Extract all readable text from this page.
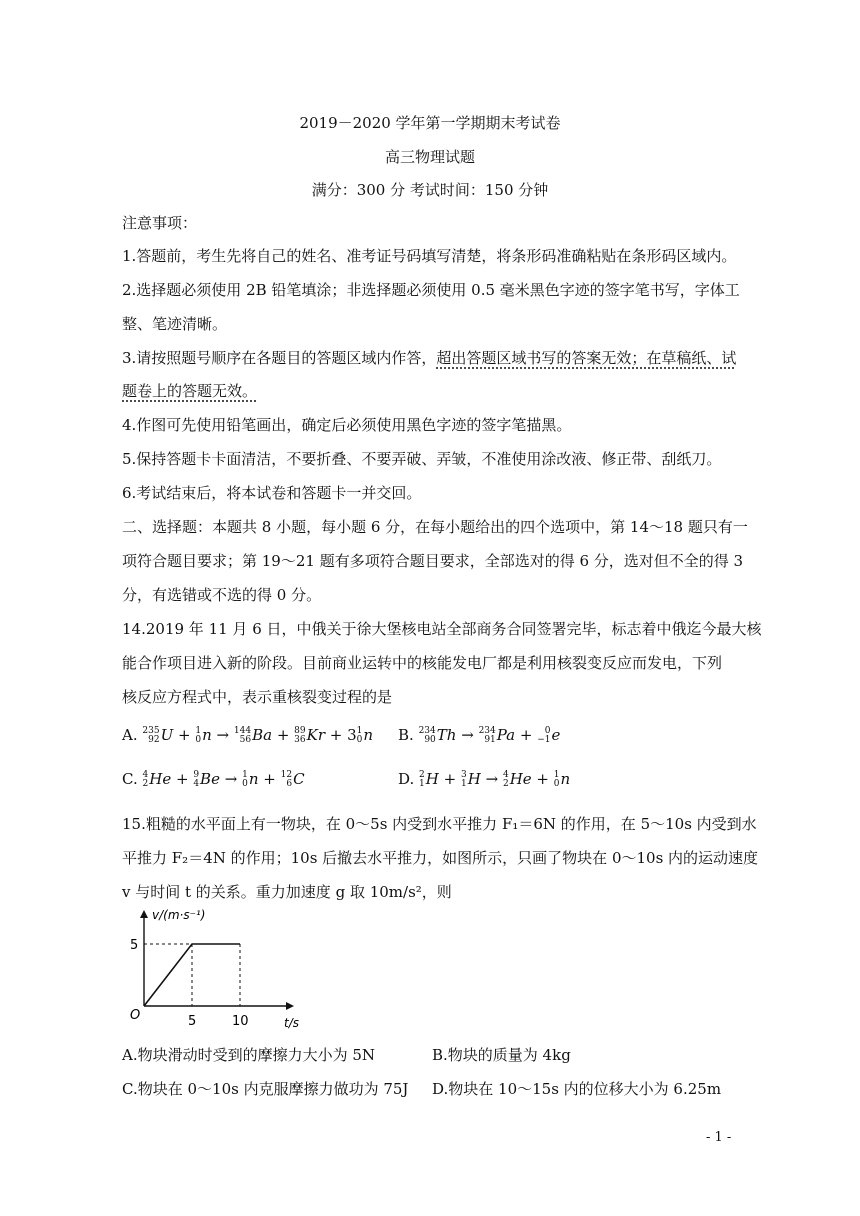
2019－2020 学年第一学期期末考试卷
高三物理试题
满分：300 分 考试时间：150 分钟
注意事项：
1.答题前，考生先将自己的姓名、准考证号码填写清楚，将条形码准确粘贴在条形码区域内。
2.选择题必须使用 2B 铅笔填涂；非选择题必须使用 0.5 毫米黑色字迹的签字笔书写，字体工
整、笔迹清晰。
3.请按照题号顺序在各题目的答题区域内作答，超出答题区域书写的答案无效；在草稿纸、试
题卷上的答题无效。
4.作图可先使用铅笔画出，确定后必须使用黑色字迹的签字笔描黑。
5.保持答题卡卡面清洁，不要折叠、不要弄破、弄皱，不准使用涂改液、修正带、刮纸刀。
6.考试结束后，将本试卷和答题卡一并交回。
二、选择题：本题共 8 小题，每小题 6 分，在每小题给出的四个选项中，第 14～18 题只有一
项符合题目要求；第 19～21 题有多项符合题目要求，全部选对的得 6 分，选对但不全的得 3
分，有选错或不选的得 0 分。
14.2019 年 11 月 6 日，中俄关于徐大堡核电站全部商务合同签署完毕，标志着中俄迄今最大核
能合作项目进入新的阶段。目前商业运转中的核能发电厂都是利用核裂变反应而发电，下列
核反应方程式中，表示重核裂变过程的是
A. 235
92 U + 1
0 n → 144
56 Ba + 89
36 Kr + 3 1
0 n B. 234
90 Th → 234
91 Pa + 0
−1 e
C. 4
2 He + 9
4 Be → 1
0 n + 12
6 C	D. 2
1 H + 3
1 H → 4
2 He + 1
0 n
15.粗糙的水平面上有一物块，在 0～5s 内受到水平推力 F₁＝6N 的作用，在 5～10s 内受到水
平推力 F₂＝4N 的作用；10s 后撤去水平推力，如图所示，只画了物块在 0～10s 内的运动速度
v 与时间 t 的关系。重力加速度 g 取 10m/s²，则
v/(m·s⁻¹)
t/s
O
5
5	10
A.物块滑动时受到的摩擦力大小为 5N	B.物块的质量为 4kg
C.物块在 0～10s 内克服摩擦力做功为 75J D.物块在 10～15s 内的位移大小为 6.25m
- 1 -
